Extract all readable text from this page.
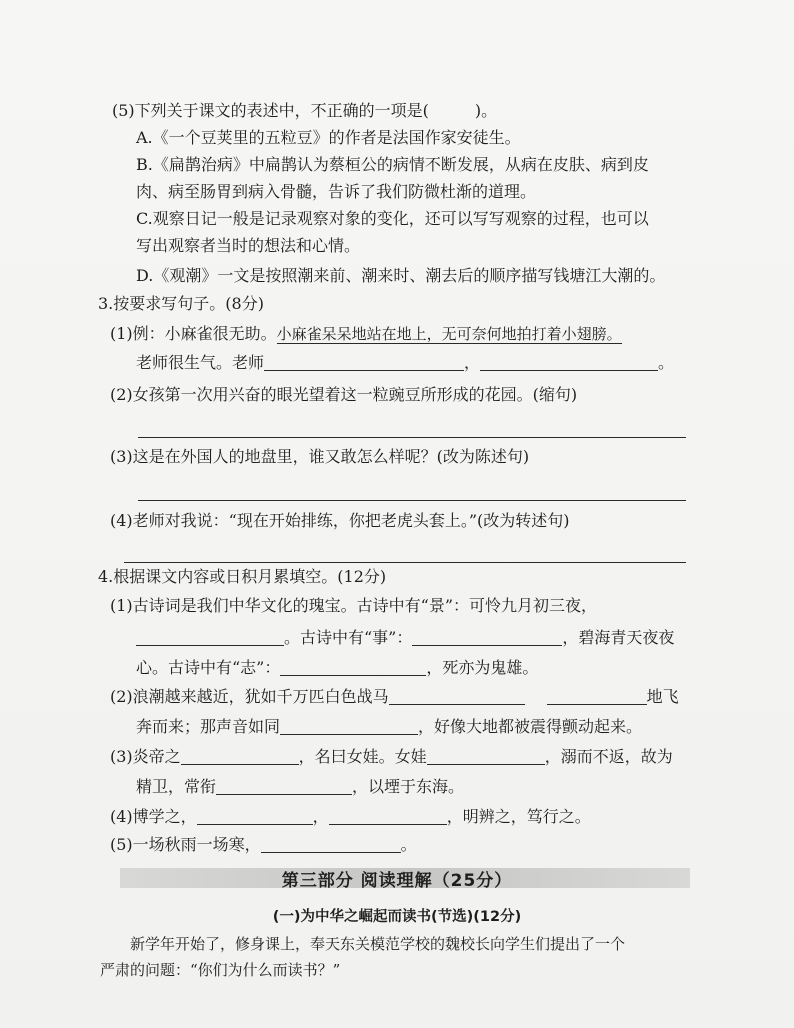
(5)下列关于课文的表述中，不正确的一项是(	)。
A.《一个豆荚里的五粒豆》的作者是法国作家安徒生。
B.《扁鹊治病》中扁鹊认为蔡桓公的病情不断发展，从病在皮肤、病到皮
肉、病至肠胃到病入骨髓，告诉了我们防微杜渐的道理。
C.观察日记一般是记录观察对象的变化，还可以写写观察的过程，也可以
写出观察者当时的想法和心情。
D.《观潮》一文是按照潮来前、潮来时、潮去后的顺序描写钱塘江大潮的。
3.按要求写句子。(8分)
(1)例：小麻雀很无助。小麻雀呆呆地站在地上，无可奈何地拍打着小翅膀。
老师很生气。老师	，	。
(2)女孩第一次用兴奋的眼光望着这一粒豌豆所形成的花园。(缩句)
(3)这是在外国人的地盘里，谁又敢怎么样呢？(改为陈述句)
(4)老师对我说：“现在开始排练，你把老虎头套上。”(改为转述句)
4.根据课文内容或日积月累填空。(12分)
(1)古诗词是我们中华文化的瑰宝。古诗中有“景”：可怜九月初三夜，
。古诗中有“事”：	，碧海青天夜夜
心。古诗中有“志”：	，死亦为鬼雄。
(2)浪潮越来越近，犹如千万匹白色战马	地飞
奔而来；那声音如同	，好像大地都被震得颤动起来。
(3)炎帝之	，名曰女娃。女娃	，溺而不返，故为
精卫，常衔	，以堙于东海。
(4)博学之，	，	，明辨之，笃行之。
(5)一场秋雨一场寒，	。
第三部分 阅读理解（25分）
(一)为中华之崛起而读书(节选)(12分)
新学年开始了，修身课上，奉天东关模范学校的魏校长向学生们提出了一个
严肃的问题：“你们为什么而读书？”
